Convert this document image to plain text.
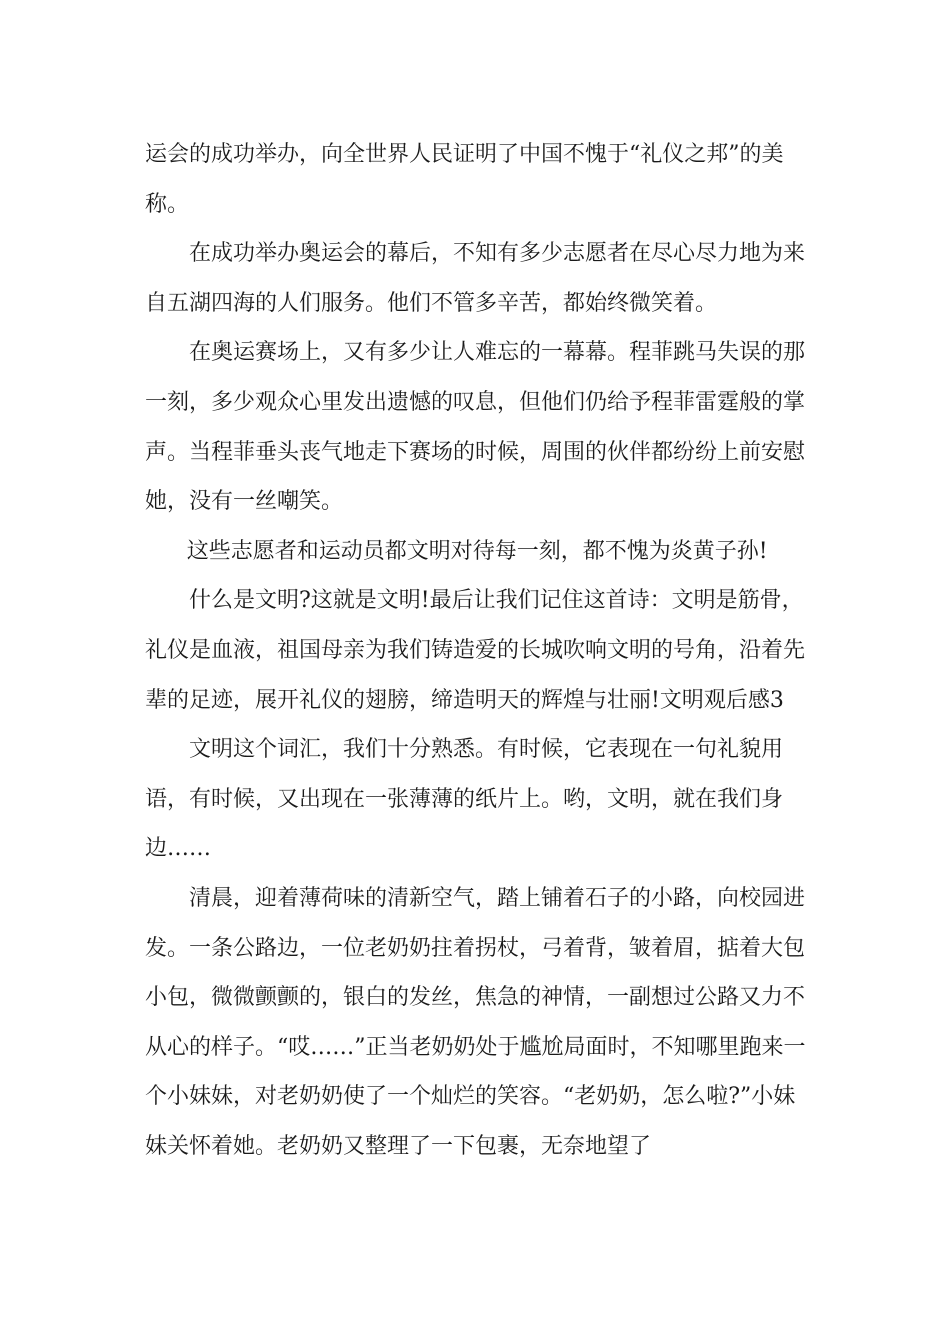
运会的成功举办，向全世界人民证明了中国不愧于“礼仪之邦”的美称。

在成功举办奥运会的幕后，不知有多少志愿者在尽心尽力地为来自五湖四海的人们服务。他们不管多辛苦，都始终微笑着。

在奥运赛场上，又有多少让人难忘的一幕幕。程菲跳马失误的那一刻，多少观众心里发出遗憾的叹息，但他们仍给予程菲雷霆般的掌声。当程菲垂头丧气地走下赛场的时候，周围的伙伴都纷纷上前安慰她，没有一丝嘲笑。

这些志愿者和运动员都文明对待每一刻，都不愧为炎黄子孙!

什么是文明?这就是文明!最后让我们记住这首诗：文明是筋骨，礼仪是血液，祖国母亲为我们铸造爱的长城吹响文明的号角，沿着先辈的足迹，展开礼仪的翅膀，缔造明天的辉煌与壮丽!文明观后感3

文明这个词汇，我们十分熟悉。有时候，它表现在一句礼貌用语，有时候，又出现在一张薄薄的纸片上。哟，文明，就在我们身边……

清晨，迎着薄荷味的清新空气，踏上铺着石子的小路，向校园进发。一条公路边，一位老奶奶拄着拐杖，弓着背，皱着眉，掂着大包小包，微微颤颤的，银白的发丝，焦急的神情，一副想过公路又力不从心的样子。“哎……”正当老奶奶处于尴尬局面时，不知哪里跑来一个小妹妹，对老奶奶使了一个灿烂的笑容。“老奶奶，怎么啦?”小妹妹关怀着她。老奶奶又整理了一下包裹，无奈地望了
